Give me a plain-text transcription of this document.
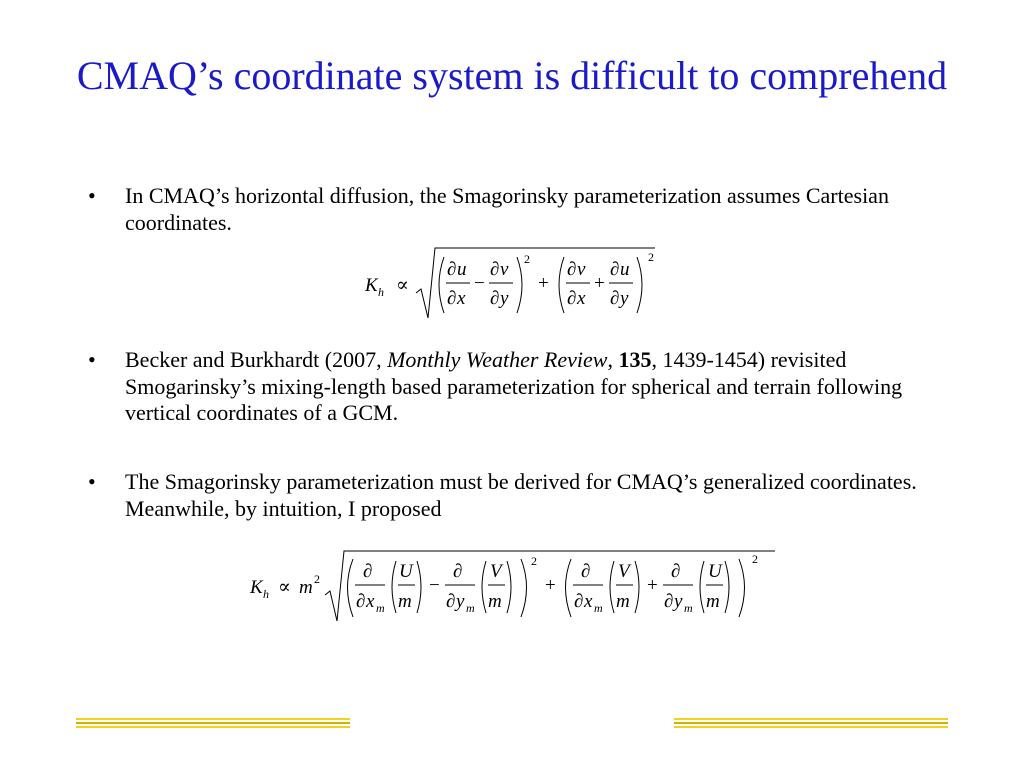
CMAQ’s coordinate system is difficult to comprehend
• In CMAQ’s horizontal diffusion, the Smagorinsky parameterization assumes Cartesian coordinates.
K h ∝
∂ u
∂ x
−
∂ v
∂ y
2
+
∂ v
∂ x
+
∂ u
∂ y
2
• Becker and Burkhardt (2007, Monthly Weather Review, 135, 1439-1454) revisited Smogarinsky’s mixing-length based parameterization for spherical and terrain following vertical coordinates of a GCM.
• The Smagorinsky parameterization must be derived for CMAQ’s generalized coordinates. Meanwhile, by intuition, I proposed
K h ∝ m 2 ∂
∂ x m
U
m
−
∂
∂ y m
V
m
2
+
∂
∂ x m
V
m
+
∂
∂ y m
U
m
2
